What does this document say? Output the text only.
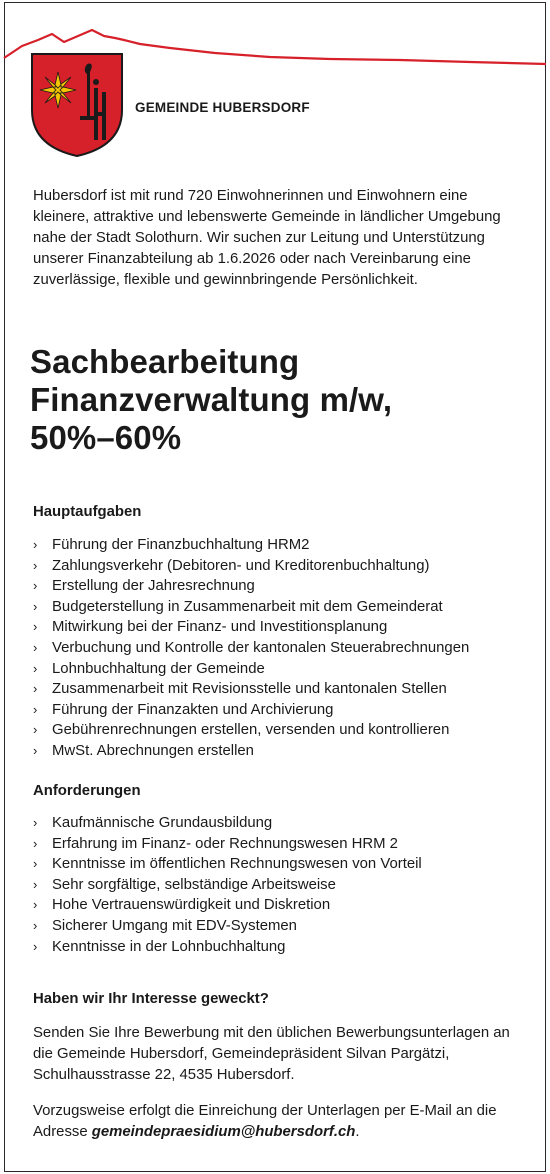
GEMEINDE HUBERSDORF

Hubersdorf ist mit rund 720 Einwohnerinnen und Einwohnern eine kleinere, attraktive und lebenswerte Gemeinde in ländlicher Umgebung nahe der Stadt Solothurn. Wir suchen zur Leitung und Unterstützung unserer Finanzabteilung ab 1.6.2026 oder nach Vereinbarung eine zuverlässige, flexible und gewinnbringende Persönlichkeit.

Sachbearbeitung
Finanzverwaltung m/w,
50%–60%
Hauptaufgaben
› Führung der Finanzbuchhaltung HRM2
› Zahlungsverkehr (Debitoren- und Kreditorenbuchhaltung)
› Erstellung der Jahresrechnung
› Budgeterstellung in Zusammenarbeit mit dem Gemeinderat
› Mitwirkung bei der Finanz- und Investitionsplanung
› Verbuchung und Kontrolle der kantonalen Steuerabrechnungen
› Lohnbuchhaltung der Gemeinde
› Zusammenarbeit mit Revisionsstelle und kantonalen Stellen
› Führung der Finanzakten und Archivierung
› Gebührenrechnungen erstellen, versenden und kontrollieren
› MwSt. Abrechnungen erstellen
Anforderungen
› Kaufmännische Grundausbildung
› Erfahrung im Finanz- oder Rechnungswesen HRM 2
› Kenntnisse im öffentlichen Rechnungswesen von Vorteil
› Sehr sorgfältige, selbständige Arbeitsweise
› Hohe Vertrauenswürdigkeit und Diskretion
› Sicherer Umgang mit EDV-Systemen
› Kenntnisse in der Lohnbuchhaltung
Haben wir Ihr Interesse geweckt?

Senden Sie Ihre Bewerbung mit den üblichen Bewerbungsunterlagen an die Gemeinde Hubersdorf, Gemeindepräsident Silvan Pargätzi, Schulhausstrasse 22, 4535 Hubersdorf.

Vorzugsweise erfolgt die Einreichung der Unterlagen per E-Mail an die Adresse gemeindepraesidium@hubersdorf.ch.
